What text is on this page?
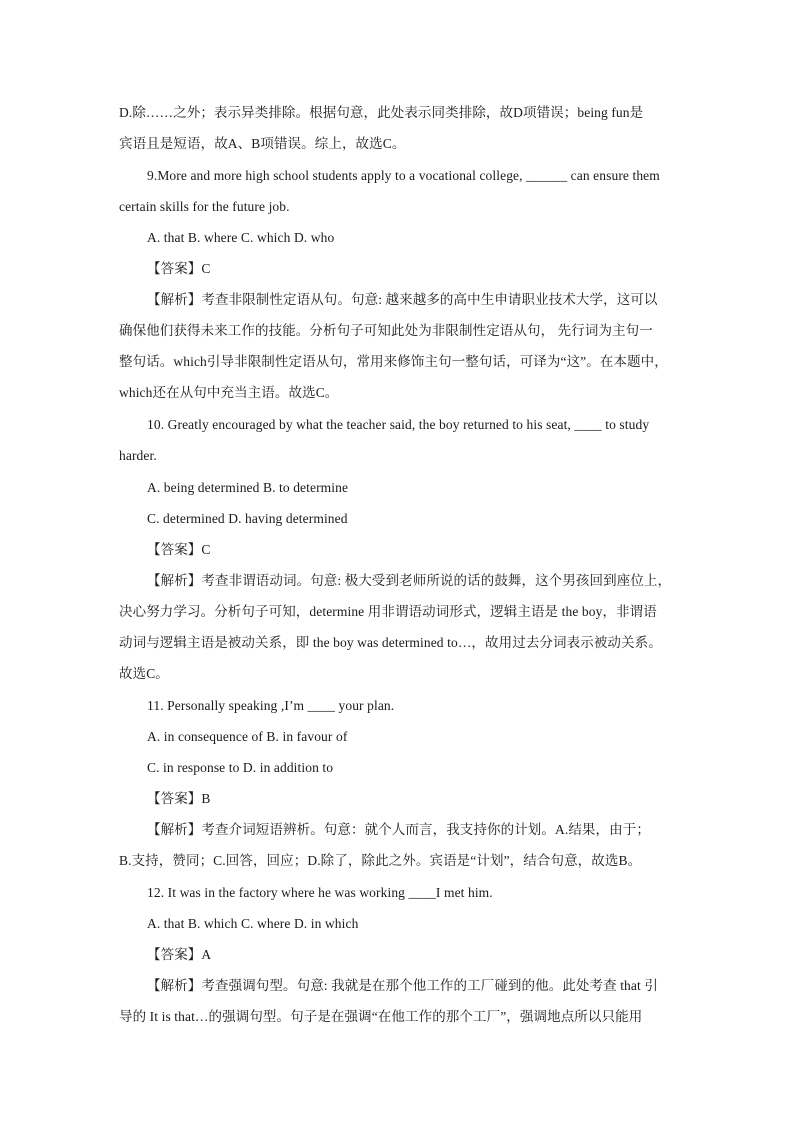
D.除……之外；表示异类排除。根据句意，此处表示同类排除，故D项错误；being fun是
宾语且是短语，故A、B项错误。综上，故选C。
9.More and more high school students apply to a vocational college, ______ can ensure them
certain skills for the future job.
A. that B. where C. which D. who
【答案】C
【解析】考查非限制性定语从句。句意: 越来越多的高中生申请职业技术大学，这可以
确保他们获得未来工作的技能。分析句子可知此处为非限制性定语从句， 先行词为主句一
整句话。which引导非限制性定语从句，常用来修饰主句一整句话，可译为“这”。在本题中，
which还在从句中充当主语。故选C。
10. Greatly encouraged by what the teacher said, the boy returned to his seat, ____ to study
harder.
A. being determined B. to determine
C. determined D. having determined
【答案】C
【解析】考查非谓语动词。句意: 极大受到老师所说的话的鼓舞，这个男孩回到座位上，
决心努力学习。分析句子可知，determine 用非谓语动词形式，逻辑主语是 the boy，非谓语
动词与逻辑主语是被动关系，即 the boy was determined to…，故用过去分词表示被动关系。
故选C。
11. Personally speaking ,I’m ____ your plan.
A. in consequence of B. in favour of
C. in response to D. in addition to
【答案】B
【解析】考查介词短语辨析。句意：就个人而言，我支持你的计划。A.结果，由于；
B.支持，赞同；C.回答，回应；D.除了，除此之外。宾语是“计划”，结合句意，故选B。
12. It was in the factory where he was working ____I met him.
A. that B. which C. where D. in which
【答案】A
【解析】考查强调句型。句意: 我就是在那个他工作的工厂碰到的他。此处考查 that 引
导的 It is that…的强调句型。句子是在强调“在他工作的那个工厂”，强调地点所以只能用
